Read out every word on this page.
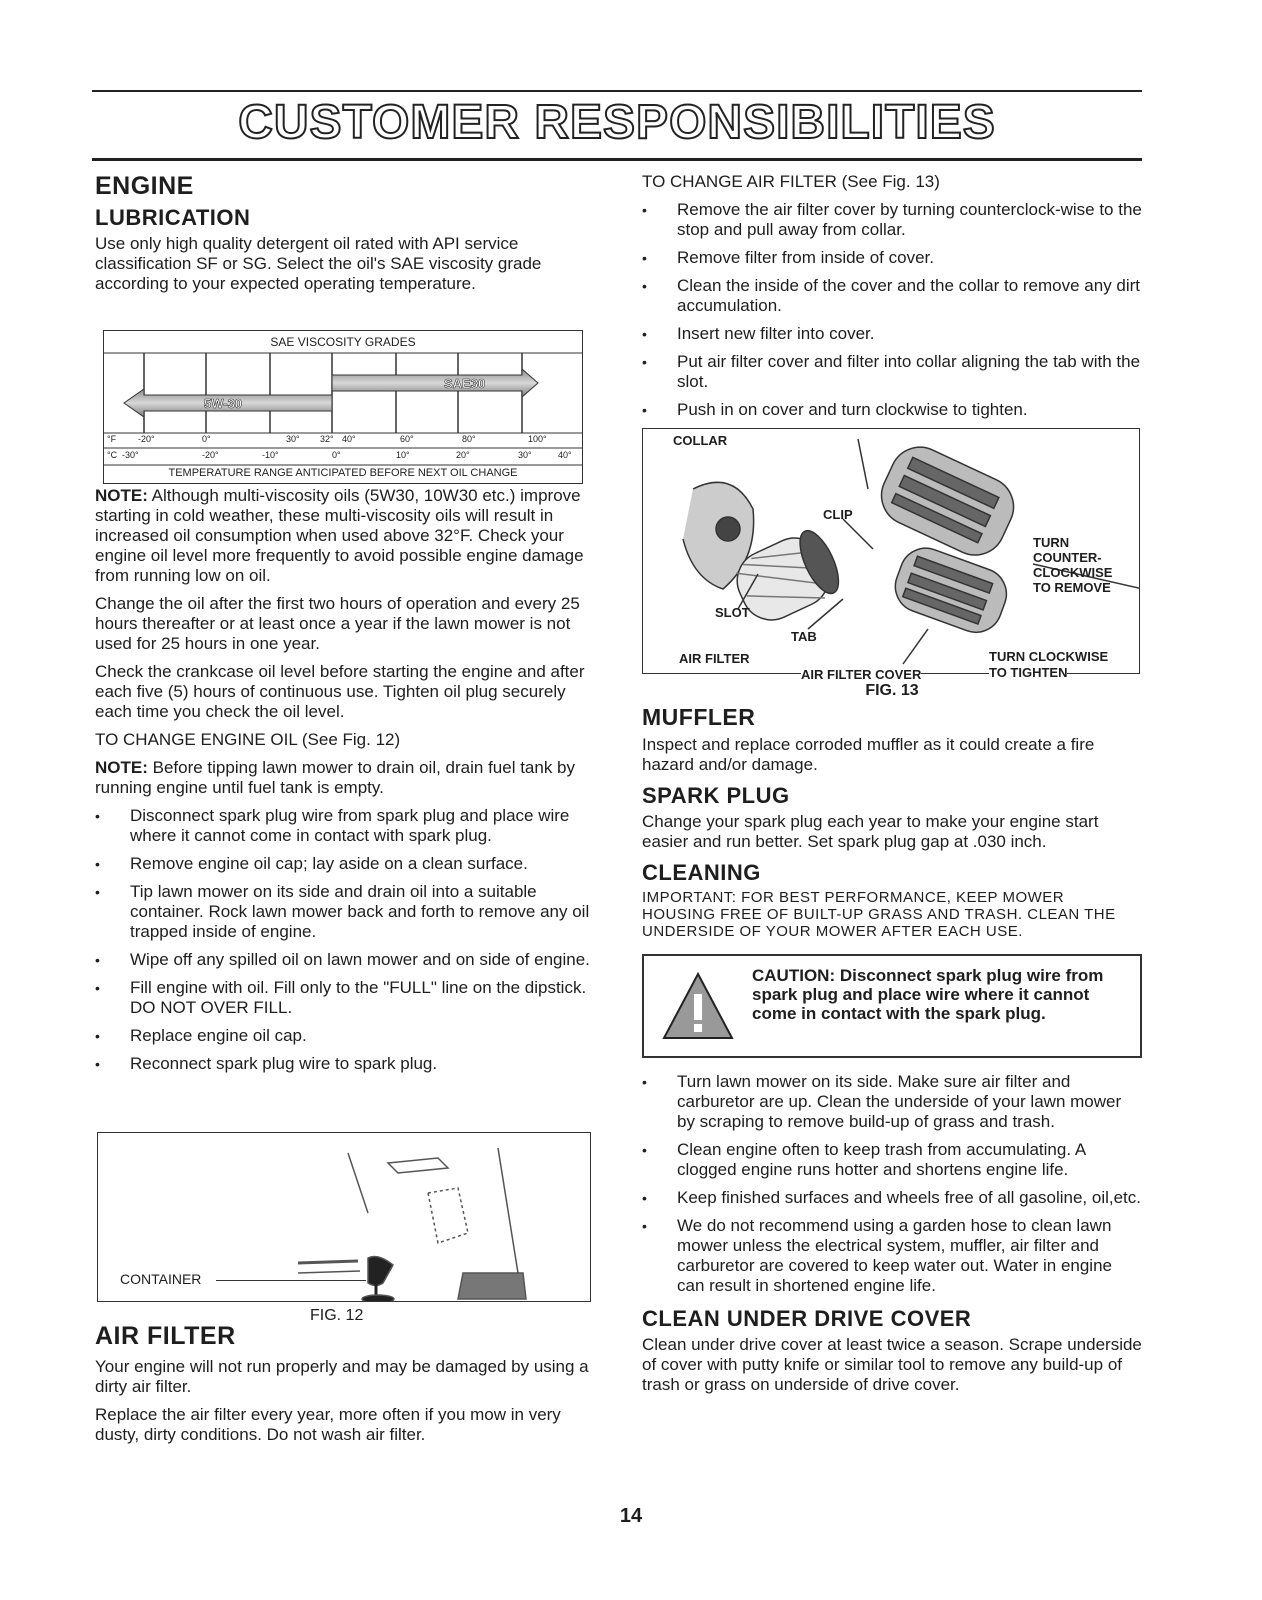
CUSTOMER RESPONSIBILITIES
ENGINE
LUBRICATION

Use only high quality detergent oil rated with API service classification SF or SG. Select the oil's SAE viscosity grade according to your expected operating temperature.

SAE VISCOSITY GRADES
SAE30
5W-30
°F -20°	0°	30° 32° 40°	60°	80°	100°
°C -30°	-20°	-10°	0°	10°	20°	30°	40°
TEMPERATURE RANGE ANTICIPATED BEFORE NEXT OIL CHANGE

NOTE: Although multi-viscosity oils (5W30, 10W30 etc.) improve starting in cold weather, these multi-viscosity oils will result in increased oil consumption when used above 32°F. Check your engine oil level more frequently to avoid possible engine damage from running low on oil.

Change the oil after the first two hours of operation and every 25 hours thereafter or at least once a year if the lawn mower is not used for 25 hours in one year.

Check the crankcase oil level before starting the engine and after each five (5) hours of continuous use. Tighten oil plug securely each time you check the oil level.

TO CHANGE ENGINE OIL (See Fig. 12)

NOTE: Before tipping lawn mower to drain oil, drain fuel tank by running engine until fuel tank is empty.

• Disconnect spark plug wire from spark plug and place wire where it cannot come in contact with spark plug.
• Remove engine oil cap; lay aside on a clean surface.
• Tip lawn mower on its side and drain oil into a suitable container. Rock lawn mower back and forth to remove any oil trapped inside of engine.
• Wipe off any spilled oil on lawn mower and on side of engine.
• Fill engine with oil. Fill only to the "FULL" line on the dipstick. DO NOT OVER FILL.
• Replace engine oil cap.
• Reconnect spark plug wire to spark plug.
CONTAINER
FIG. 12
AIR FILTER

Your engine will not run properly and may be damaged by using a dirty air filter.

Replace the air filter every year, more often if you mow in very dusty, dirty conditions. Do not wash air filter.

TO CHANGE AIR FILTER (See Fig. 13)

• Remove the air filter cover by turning counterclock-wise to the stop and pull away from collar.
• Remove filter from inside of cover.
• Clean the inside of the cover and the collar to remove any dirt accumulation.
• Insert new filter into cover.
• Put air filter cover and filter into collar aligning the tab with the slot.
• Push in on cover and turn clockwise to tighten.
COLLAR
CLIP
TURN
COUNTER-
CLOCKWISE
TO REMOVE
SLOT
TAB
AIR FILTER
AIR FILTER COVER
TURN CLOCKWISE
TO TIGHTEN
FIG. 13
MUFFLER

Inspect and replace corroded muffler as it could create a fire hazard and/or damage.

SPARK PLUG

Change your spark plug each year to make your engine start easier and run better. Set spark plug gap at .030 inch.

CLEANING

IMPORTANT: FOR BEST PERFORMANCE, KEEP MOWER HOUSING FREE OF BUILT-UP GRASS AND TRASH. CLEAN THE UNDERSIDE OF YOUR MOWER AFTER EACH USE.

CAUTION: Disconnect spark plug wire from spark plug and place wire where it cannot come in contact with the spark plug.
• Turn lawn mower on its side. Make sure air filter and carburetor are up. Clean the underside of your lawn mower by scraping to remove build-up of grass and trash.
• Clean engine often to keep trash from accumulating. A clogged engine runs hotter and shortens engine life.
• Keep finished surfaces and wheels free of all gasoline, oil,etc.
• We do not recommend using a garden hose to clean lawn mower unless the electrical system, muffler, air filter and carburetor are covered to keep water out. Water in engine can result in shortened engine life.
CLEAN UNDER DRIVE COVER

Clean under drive cover at least twice a season. Scrape underside of cover with putty knife or similar tool to remove any build-up of trash or grass on underside of drive cover.

14
